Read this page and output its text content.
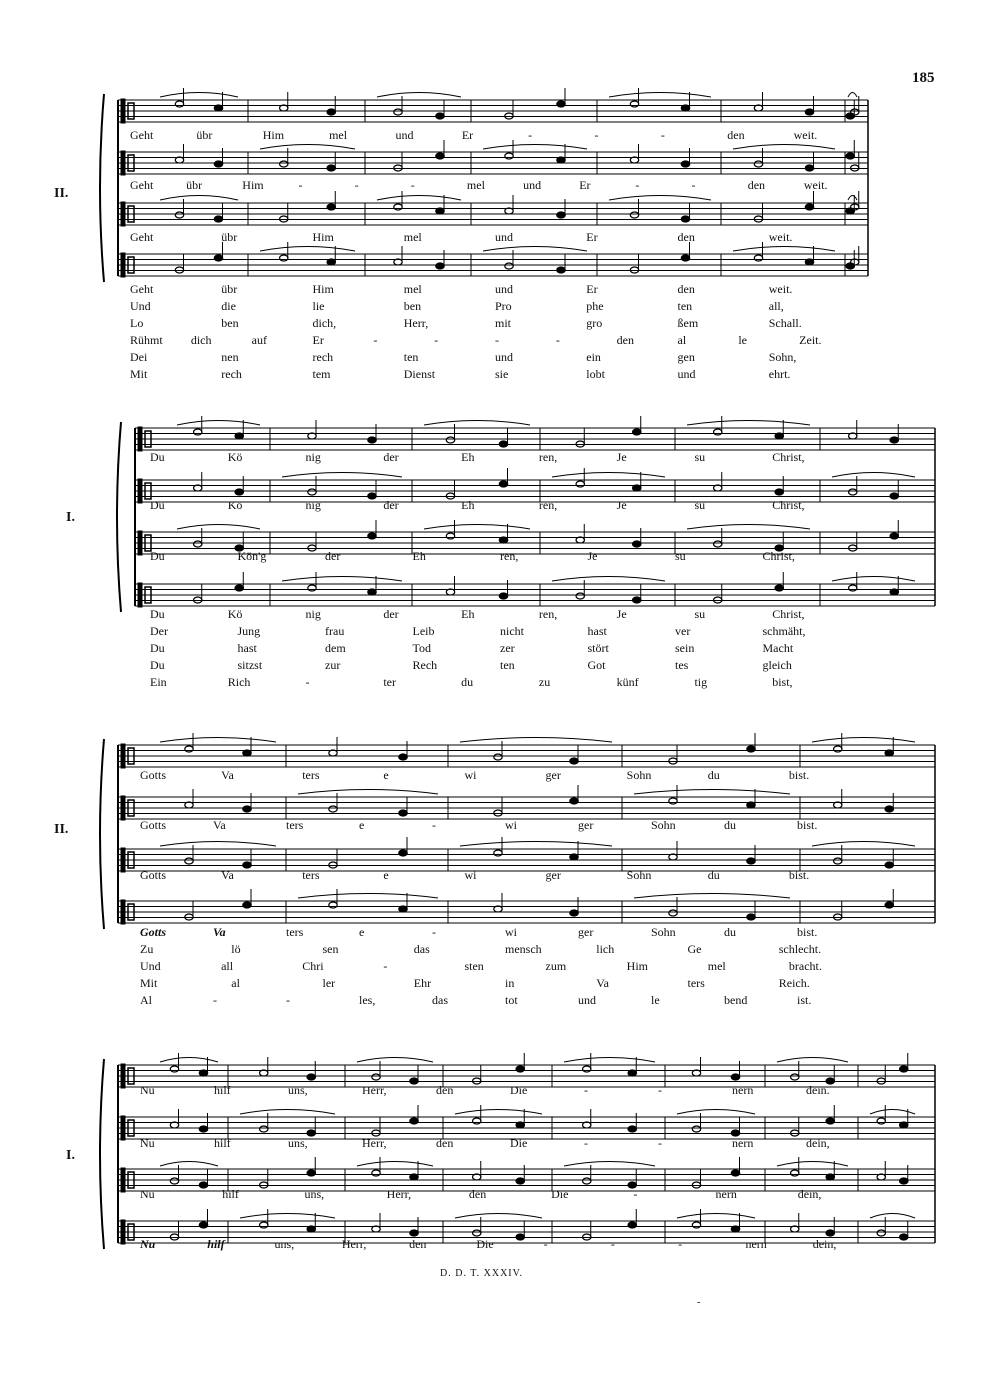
185
Geht	übr	Him	mel	und	Er	-	-	-	den	weit.
Geht	übr	Him	-	-	-	mel	und	Er	-	-	den	weit.
Geht	übr	Him	mel	und	Er	den	weit.
Geht	übr	Him	mel	und	Er	den	weit.
Und	die	lie	ben	Pro	phe	ten	all,
Lo	ben	dich,	Herr,	mit	gro	ßem	Schall.
Rühmt dich	auf	Er	-	-	-	-	den	al	le	Zeit.
Dei	nen	rech	ten	und	ein	gen	Sohn,
Mit	rech	tem	Dienst	sie	lobt	und	ehrt.
Du	Kö	nig	der	Eh	ren,	Je	su	Christ,
Du	Kö	nig	der	Eh	ren,	Je	su	Christ,
Du	Kön'g	der	Eh	ren,	Je	su	Christ,
Du	Kö	nig	der	Eh	ren,	Je	su	Christ,
Der	Jung	frau	Leib	nicht	hast	ver	schmäht,
Du	hast	dem	Tod	zer	stört	sein	Macht
Du	sitzst	zur	Rech	ten	Got	tes	gleich
Ein	Rich	-	ter	du	zu	künf	tig	bist,
Gotts	Va	ters	e	wi	ger	Sohn	du	bist.
Gotts	Va	ters	e	-	wi	ger	Sohn	du	bist.
Gotts	Va	ters	e	wi	ger	Sohn	du	bist.
Gotts	Va	ters	e	-	wi	ger	Sohn	du	bist.
Zu	lö	sen	das	mensch	lich	Ge	schlecht.
Und	all	Chri	-	sten	zum	Him	mel	bracht.
Mit	al	ler	Ehr	in	Va	ters	Reich.
Al	-	-	les,	das	tot	und	le	bend	ist.
Nu	hilf	uns,	Herr,	den	Die	-	-	nern	dein.
Nu	hilf	uns,	Herr,	den	Die	-	-	nern	dein,
Nu	hilf	uns,	Herr,	den	Die	-	nern	dein,
Nu	hilf	uns,	Herr,	den	Die	-	-	-	nern	dein,
II.
I.
II.
I.
D. D. T. XXXIV.
-
